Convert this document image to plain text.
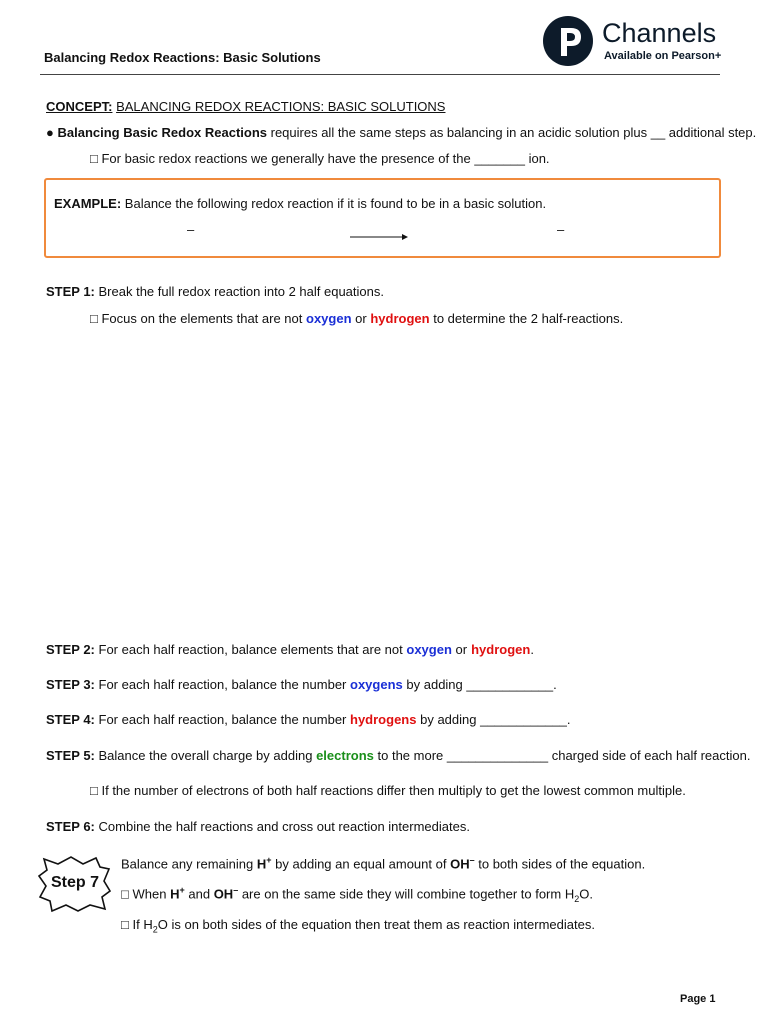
Balancing Redox Reactions: Basic Solutions
Channels
Available on Pearson+
CONCEPT: BALANCING REDOX REACTIONS: BASIC SOLUTIONS
● Balancing Basic Redox Reactions requires all the same steps as balancing in an acidic solution plus __ additional step.
□ For basic redox reactions we generally have the presence of the _______ ion.
EXAMPLE: Balance the following redox reaction if it is found to be in a basic solution.
–	–
STEP 1: Break the full redox reaction into 2 half equations.
□ Focus on the elements that are not oxygen or hydrogen to determine the 2 half-reactions.
STEP 2: For each half reaction, balance elements that are not oxygen or hydrogen.
STEP 3: For each half reaction, balance the number oxygens by adding ____________.
STEP 4: For each half reaction, balance the number hydrogens by adding ____________.
STEP 5: Balance the overall charge by adding electrons to the more ______________ charged side of each half reaction.
□ If the number of electrons of both half reactions differ then multiply to get the lowest common multiple.
STEP 6: Combine the half reactions and cross out reaction intermediates.
Step 7
Balance any remaining H+ by adding an equal amount of OH– to both sides of the equation.
□ When H+ and OH– are on the same side they will combine together to form $H_2O$.
□ If $H_2O$ is on both sides of the equation then treat them as reaction intermediates.
Page 1
